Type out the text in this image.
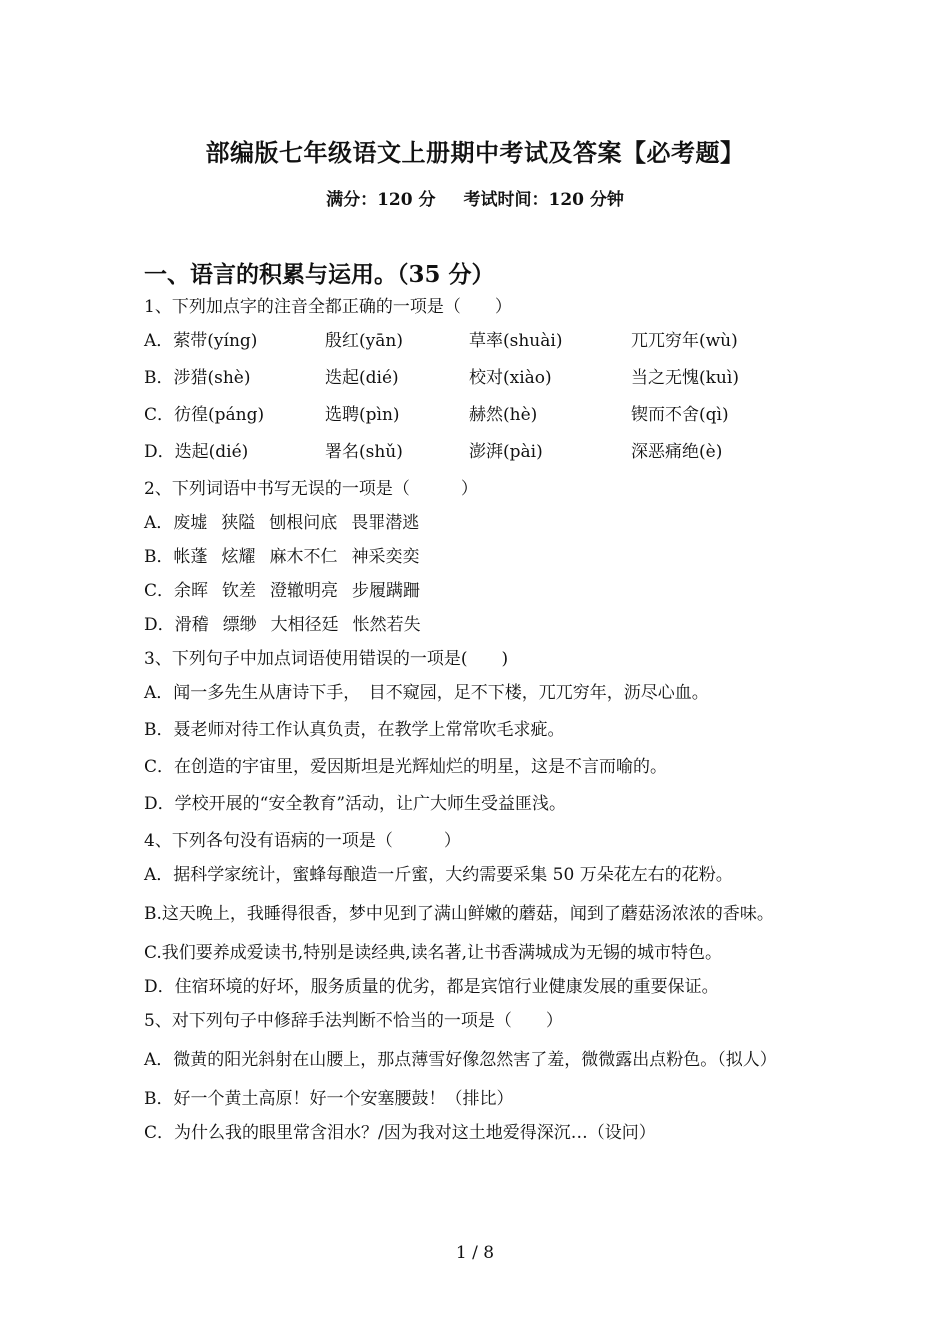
部编版七年级语文上册期中考试及答案【必考题】
满分：120 分 考试时间：120 分钟
一、语言的积累与运用。（35 分）
1、下列加点字的注音全都正确的一项是（　　）
A．萦带(yíng)	殷红(yān)	草率(shuài)	兀兀穷年(wù)
B．涉猎(shè)	迭起(dié)	校对(xiào)	当之无愧(kuì)
C．彷徨(páng)	选聘(pìn)	赫然(hè)	锲而不舍(qì)
D．迭起(dié)	署名(shǔ)	澎湃(pài)	深恶痛绝(è)
2、下列词语中书写无误的一项是（　　　）
A．废墟 狭隘 刨根问底 畏罪潜逃
B．帐蓬 炫耀 麻木不仁 神采奕奕
C．余晖 钦差 澄辙明亮 步履蹒跚
D．滑稽 缥缈 大相径廷 怅然若失
3、下列句子中加点词语使用错误的一项是(　　)
A．闻一多先生从唐诗下手，　目不窥园，足不下楼，兀兀穷年，沥尽心血。
B．聂老师对待工作认真负责，在教学上常常吹毛求疵。
C．在创造的宇宙里，爱因斯坦是光辉灿烂的明星，这是不言而喻的。
D．学校开展的“安全教育”活动，让广大师生受益匪浅。
4、下列各句没有语病的一项是（　　　）
A．据科学家统计，蜜蜂每酿造一斤蜜，大约需要采集 50 万朵花左右的花粉。
B.这天晚上，我睡得很香，梦中见到了满山鲜嫩的蘑菇，闻到了蘑菇汤浓浓的香味。
C.我们要养成爱读书,特别是读经典,读名著,让书香满城成为无锡的城市特色。
D．住宿环境的好坏，服务质量的优劣，都是宾馆行业健康发展的重要保证。
5、对下列句子中修辞手法判断不恰当的一项是（　　）
A．微黄的阳光斜射在山腰上，那点薄雪好像忽然害了羞，微微露出点粉色。（拟人）
B．好一个黄土高原！好一个安塞腰鼓！（排比）
C．为什么我的眼里常含泪水？/因为我对这土地爱得深沉…（设问）
1 / 8
